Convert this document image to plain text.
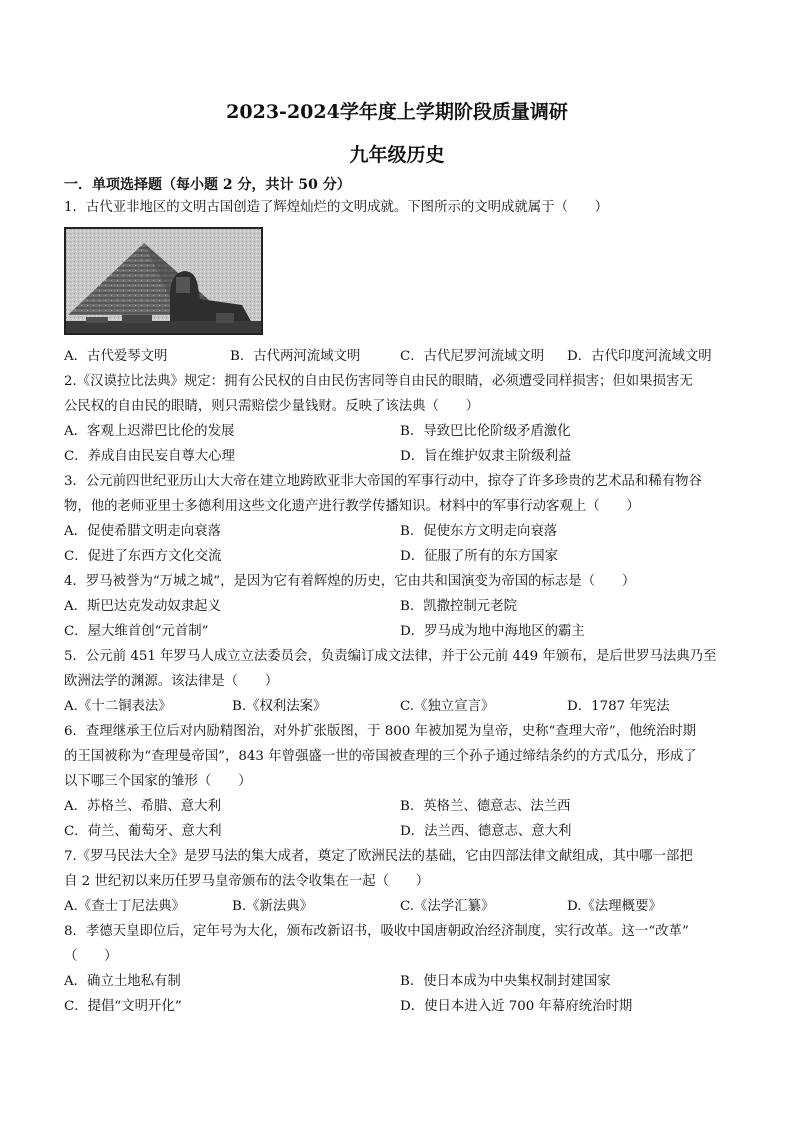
2023-2024学年度上学期阶段质量调研
九年级历史
一．单项选择题（每小题 2 分，共计 50 分）
1．古代亚非地区的文明古国创造了辉煌灿烂的文明成就。下图所示的文明成就属于（　　）
A．古代爱琴文明	B．古代两河流域文明	C．古代尼罗河流域文明 D．古代印度河流域文明
2.《汉谟拉比法典》规定：拥有公民权的自由民伤害同等自由民的眼睛，必须遭受同样损害；但如果损害无
公民权的自由民的眼睛，则只需赔偿少量钱财。反映了该法典（　　）
A．客观上迟滞巴比伦的发展	B．导致巴比伦阶级矛盾激化
C．养成自由民妄自尊大心理	D．旨在维护奴隶主阶级利益
3．公元前四世纪亚历山大大帝在建立地跨欧亚非大帝国的军事行动中，掠夺了许多珍贵的艺术品和稀有物谷
物，他的老师亚里士多德利用这些文化遗产进行教学传播知识。材料中的军事行动客观上（　　）
A．促使希腊文明走向衰落	B．促使东方文明走向衰落
C．促进了东西方文化交流	D．征服了所有的东方国家
4．罗马被誉为“万城之城”，是因为它有着辉煌的历史，它由共和国演变为帝国的标志是（　　）
A．斯巴达克发动奴隶起义	B．凯撒控制元老院
C．屋大维首创“元首制”	D．罗马成为地中海地区的霸主
5．公元前 451 年罗马人成立立法委员会，负责编订成文法律，并于公元前 449 年颁布，是后世罗马法典乃至
欧洲法学的渊源。该法律是（　　）
A.《十二铜表法》	B.《权利法案》	C.《独立宣言》	D．1787 年宪法
6．查理继承王位后对内励精图治，对外扩张版图，于 800 年被加冕为皇帝，史称“查理大帝”，他统治时期
的王国被称为“查理曼帝国”，843 年曾强盛一世的帝国被查理的三个孙子通过缔结条约的方式瓜分，形成了
以下哪三个国家的雏形（　　）
A．苏格兰、希腊、意大利	B．英格兰、德意志、法兰西
C．荷兰、葡萄牙、意大利	D．法兰西、德意志、意大利
7.《罗马民法大全》是罗马法的集大成者，奠定了欧洲民法的基础，它由四部法律文献组成，其中哪一部把
自 2 世纪初以来历任罗马皇帝颁布的法令收集在一起（　　）
A.《查士丁尼法典》	B.《新法典》	C.《法学汇纂》	D.《法理概要》
8．孝德天皇即位后，定年号为大化，颁布改新诏书，吸收中国唐朝政治经济制度，实行改革。这一“改革”
（　　）
A．确立土地私有制	B．使日本成为中央集权制封建国家
C．提倡“文明开化”	D．使日本进入近 700 年幕府统治时期
